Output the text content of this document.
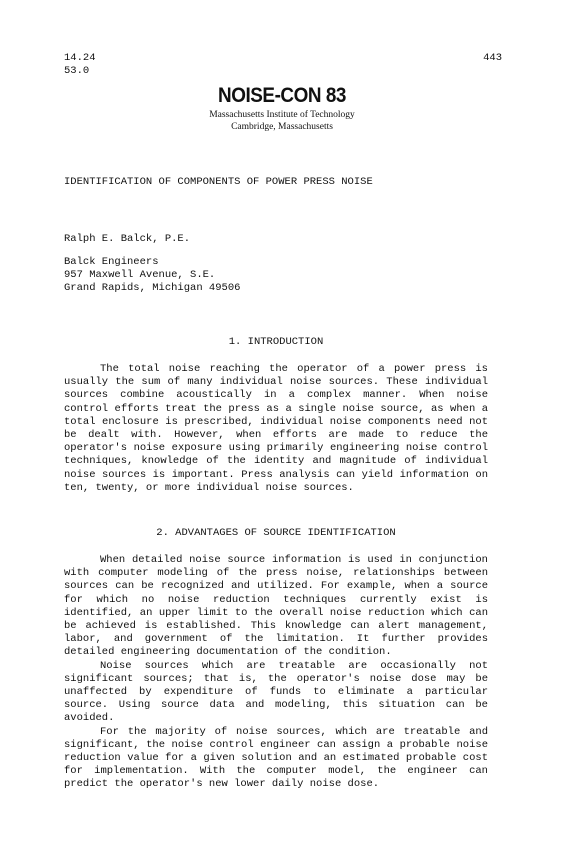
14.24
53.0
443
NOISE-CON 83
Massachusetts Institute of Technology
Cambridge, Massachusetts
IDENTIFICATION OF COMPONENTS OF POWER PRESS NOISE
Ralph E. Balck, P.E.
Balck Engineers
957 Maxwell Avenue, S.E.
Grand Rapids, Michigan 49506
1. INTRODUCTION

The total noise reaching the operator of a power press is usually the sum of many individual noise sources. These individual sources combine acoustically in a complex manner. When noise control efforts treat the press as a single noise source, as when a total enclosure is prescribed, individual noise components need not be dealt with. However, when efforts are made to reduce the operator's noise exposure using primarily engineering noise control techniques, knowledge of the identity and magnitude of individual noise sources is important. Press analysis can yield information on ten, twenty, or more individual noise sources.

2. ADVANTAGES OF SOURCE IDENTIFICATION

When detailed noise source information is used in conjunction with computer modeling of the press noise, relationships between sources can be recognized and utilized. For example, when a source for which no noise reduction techniques currently exist is identified, an upper limit to the overall noise reduction which can be achieved is established. This knowledge can alert management, labor, and government of the limitation. It further provides detailed engineering documentation of the condition.

Noise sources which are treatable are occasionally not significant sources; that is, the operator's noise dose may be unaffected by expenditure of funds to eliminate a particular source. Using source data and modeling, this situation can be avoided.

For the majority of noise sources, which are treatable and significant, the noise control engineer can assign a probable noise reduction value for a given solution and an estimated probable cost for implementation. With the computer model, the engineer can predict the operator's new lower daily noise dose.
